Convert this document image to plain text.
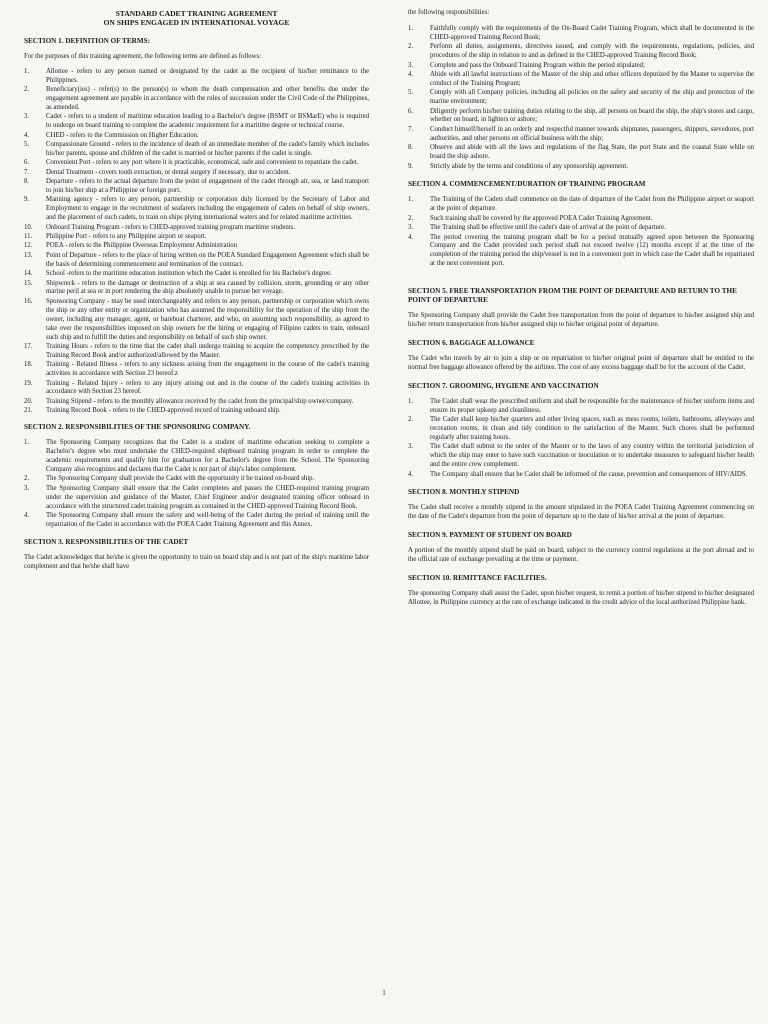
STANDARD CADET TRAINING AGREEMENT
ON SHIPS ENGAGED IN INTERNATIONAL VOYAGE
SECTION 1. DEFINITION OF TERMS:

For the purposes of this training agreement, the following terms are defined as follows:

1.	Allottee - refers to any person named or designated by the cadet as the recipient of his/her remittance to the Philippines.
2.	Beneficiary(ies) - refer(s) to the person(s) to whom the death compensation and other benefits due under the engagement agreement are payable in accordance with the rules of succession under the Civil Code of the Philippines, as amended.
3.	Cadet - refers to a student of maritime education leading to a Bachelor's degree (BSMT or BSMarE) who is required to undergo on board training to complete the academic requirement for a maritime degree or technical course.
4.	CHED - refers to the Commission on Higher Education.
5.	Compassionate Ground - refers to the incidence of death of an immediate member of the cadet's family which includes his/her parents, spouse and children of the cadet is married or his/her parents if the cadet is single.
6.	Convenient Port - refers to any port where it is practicable, economical, safe and convenient to repatriate the cadet.
7.	Dental Treatment - covers tooth extraction, or dental surgery if necessary, due to accident.
8.	Departure - refers to the actual departure from the point of engagement of the cadet through air, sea, or land transport to join his/her ship at a Philippine or foreign port.
9.	Manning agency - refers to any person, partnership or corporation duly licensed by the Secretary of Labor and Employment to engage in the recruitment of seafarers including the engagement of cadets on behalf of ship owners, and the placement of such cadets, to train on ships plying international waters and for related maritime activities.
10.	Onboard Training Program - refers to CHED-approved training program maritime students.
11.	Philippine Port - refers to any Philippine airport or seaport.
12.	POEA - refers to the Philippine Overseas Employment Administration
13.	Point of Departure - refers to the place of hiring written on the POEA Standard Engagement Agreement which shall be the basis of determining commencement and termination of the contract.
14.	School -refers to the maritime education institution which the Cadet is enrolled for his Bachelor's degree.
15.	Shipwreck - refers to the damage or destruction of a ship at sea caused by collision, storm, grounding or any other marine peril at sea or in port rendering the ship absolutely unable to pursue her voyage.
16.	Sponsoring Company - may be used interchangeably and refers to any person, partnership or corporation which owns the ship or any other entity or organization who has assumed the responsibility for the operation of the ship from the owner, including any manager, agent, or bareboat charterer, and who, on assuming such responsibility, as agreed to take over the responsibilities imposed on ship owners for the hiring or engaging of Filipino cadets to train, onboard such ship and to fulfill the duties and responsibility on behalf of such ship owner.
17.	Training Hours - refers to the time that the cadet shall undergo training to acquire the competency prescribed by the Training Record Book and/or authorized/allowed by the Master.
18.	Training - Related Illness - refers to any sickness arising from the engagement in the course of the cadet's training activities in accordance with Section 23 hereof.z
19.	Training - Related Injury - refers to any injury arising out and in the course of the cadet's training activities in accordance with Section 23 hereof.
20.	Training Stipend - refers to the monthly allowance received by the cadet from the principal/ship owner/company.
21.	Training Record Book - refers to the CHED-approved record of training onboard ship.
SECTION 2. RESPONSIBILITIES OF THE SPONSORING COMPANY.
1.	The Sponsoring Company recognizes that the Cadet is a student of maritime education seeking to complete a Bachelor's degree who must undertake the CHED-required shipboard training program in order to complete the academic requirements and qualify him for graduation for a Bachelor's degree from the School. The Sponsoring Company also recognizes and declares that the Cadet is not part of ship's labor complement.
2.	The Sponsoring Company shall provide the Cadet with the opportunity it be trained on-board ship.
3.	The Sponsoring Company shall ensure that the Cadet completes and passes the CHED-required training program under the supervision and guidance of the Master, Chief Engineer and/or designated training officer onboard in accordance with the structured cadet training program as contained in the CHED-approved Training Record Book.
4.	The Sponsoring Company shall ensure the safety and well-being of the Cadet during the period of training until the repatriation of the Cadet in accordance with the POEA Cadet Training Agreement and this Annex.
SECTION 3. RESPONSIBILITIES OF THE CADET

The Cadet acknowledges that he/she is given the opportunity to train on board ship and is not part of the ship's maritime labor complement and that he/she shall have

the following responsibilities:

1.	Faithfully comply with the requirements of the On-Board Cadet Training Program, which shall be documented in the CHED-approved Training Record Book;
2.	Perform all duties, assignments, directives issued, and comply with the requirements, regulations, policies, and procedures of the ship in relation to and as defined in the CHED-approved Training Record Book;
3.	Complete and pass the Onboard Training Program within the period stipulated;
4.	Abide with all lawful instructions of the Master of the ship and other officers deputized by the Master to supervise the conduct of the Training Program;
5.	Comply with all Company policies, including all policies on the safety and security of the ship and protection of the marine environment;
6.	Diligently perform his/her training duties relating to the ship, all persons on board the ship, the ship's stores and cargo, whether on board, in lighters or ashore;
7.	Conduct himself/herself in an orderly and respectful manner towards shipmates, passengers, shippers, stevedores, port authorities, and other persons on official business with the ship;
8.	Observe and abide with all the laws and regulations of the flag State, the port State and the coastal State while on board the ship ashore.
9.	Strictly abide by the terms and conditions of any sponsorship agreement.
SECTION 4. COMMENCEMENT/DURATION OF TRAINING PROGRAM
1.	The Training of the Cadets shall commence on the date of departure of the Cadet from the Philippine airport or seaport at the point of departure.
2.	Such training shall be covered by the approved POEA Cadet Training Agreement.
3.	The Training shall be effective until the cadet's date of arrival at the point of departure.
4.	The period covering the training program shall be for a period mutually agreed upon between the Sponsoring Company and the Cadet provided such period shall not exceed twelve (12) months except if at the time of the completion of the training period the ship/vessel is not in a convenient port in which case the Cadet shall be repatriated at the next convenient port.
SECTION 5. FREE TRANSPORTATION FROM THE POINT OF DEPARTURE AND RETURN TO THE POINT OF DEPARTURE

The Sponsoring Company shall provide the Cadet free transportation from the point of departure to his/her assigned ship and his/her return transportation from his/her assigned ship to his/her original point of departure.

SECTION 6. BAGGAGE ALLOWANCE

The Cadet who travels by air to join a ship or on repatriation to his/her original point of departure shall be entitled to the normal free baggage allowance offered by the airlines. The cost of any excess baggage shall be for the account of the Cadet.

SECTION 7. GROOMING, HYGIENE AND VACCINATION
1.	The Cadet shall wear the prescribed uniform and shall be responsible for the maintenance of his/her uniform items and ensure its proper upkeep and cleanliness.
2.	The Cadet shall keep his/her quarters and other living spaces, such as mess rooms, toilets, bathrooms, alleyways and recreation rooms, in clean and tidy condition to the satisfaction of the Master. Such chores shall be performed regularly after training hours.
3.	The Cadet shall submit to the order of the Master or to the laws of any country within the territorial jurisdiction of which the ship may enter to have such vaccination or inoculation or to undertake measures to safeguard his/her health and the entire crew complement.
4.	The Company shall ensure that he Cadet shall be informed of the cause, prevention and consequences of HIV/AIDS.
SECTION 8. MONTHLY STIPEND

The Cadet shall receive a monthly stipend in the amount stipulated in the POEA Cadet Training Agreement commencing on the date of the Cadet's departure from the point of departure up to the date of his/her arrival at the point of departure.

SECTION 9. PAYMENT OF STUDENT ON BOARD

A portion of the monthly stipend shall be paid on board, subject to the currency control regulations at the port abroad and to the official rate of exchange prevailing at the time or payment.

SECTION 10. REMITTANCE FACILITIES.

The sponsoring Company shall assist the Cadet, upon his/her request, to remit a portion of his/her stipend to his/her designated Allottee, in Philippine currency at the rate of exchange indicated in the credit advice of the local authorized Philippine bank.

1
